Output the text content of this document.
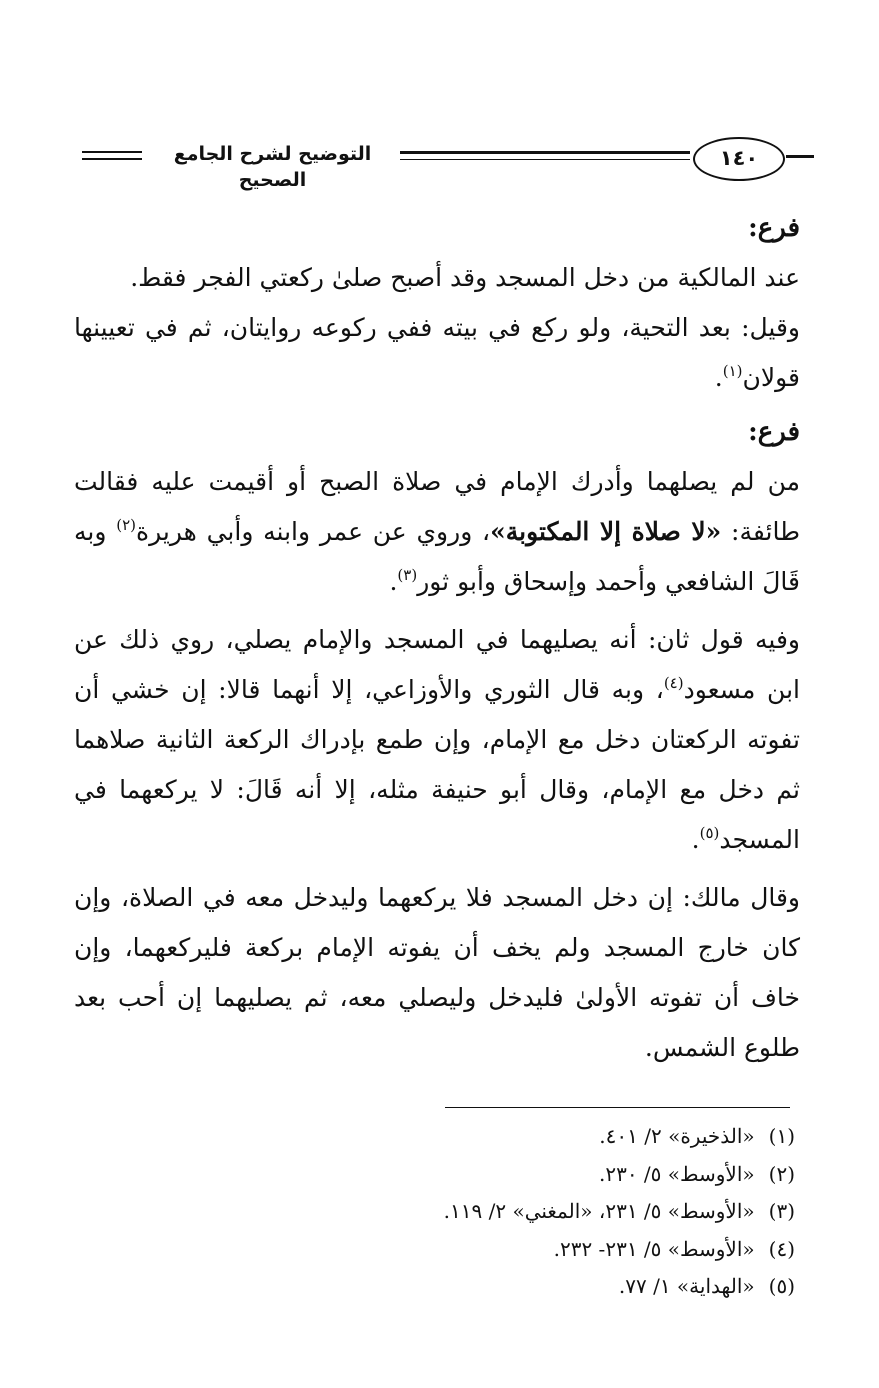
التوضيح لشرح الجامع الصحيح
١٤٠

فرع:

عند المالكية من دخل المسجد وقد أصبح صلىٰ ركعتي الفجر فقط.

وقيل: بعد التحية، ولو ركع في بيته ففي ركوعه روايتان، ثم في تعيينها قولان$^{(١)}$.

فرع:

من لم يصلهما وأدرك الإمام في صلاة الصبح أو أقيمت عليه فقالت طائفة: «لا صلاة إلا المكتوبة»، وروي عن عمر وابنه وأبي هريرة$^{(٢)}$ وبه قَالَ الشافعي وأحمد وإسحاق وأبو ثور$^{(٣)}$.

وفيه قول ثان: أنه يصليهما في المسجد والإمام يصلي، روي ذلك عن ابن مسعود$^{(٤)}$، وبه قال الثوري والأوزاعي، إلا أنهما قالا: إن خشي أن تفوته الركعتان دخل مع الإمام، وإن طمع بإدراك الركعة الثانية صلاهما ثم دخل مع الإمام، وقال أبو حنيفة مثله، إلا أنه قَالَ: لا يركعهما في المسجد$^{(٥)}$.

وقال مالك: إن دخل المسجد فلا يركعهما وليدخل معه في الصلاة، وإن كان خارج المسجد ولم يخف أن يفوته الإمام بركعة فليركعهما، وإن خاف أن تفوته الأولىٰ فليدخل وليصلي معه، ثم يصليهما إن أحب بعد طلوع الشمس.

(١)«الذخيرة» ٢/ ٤٠١.

(٢)«الأوسط» ٥/ ٢٣٠.

(٣)«الأوسط» ٥/ ٢٣١، «المغني» ٢/ ١١٩.

(٤)«الأوسط» ٥/ ٢٣١- ٢٣٢.

(٥)«الهداية» ١/ ٧٧.
